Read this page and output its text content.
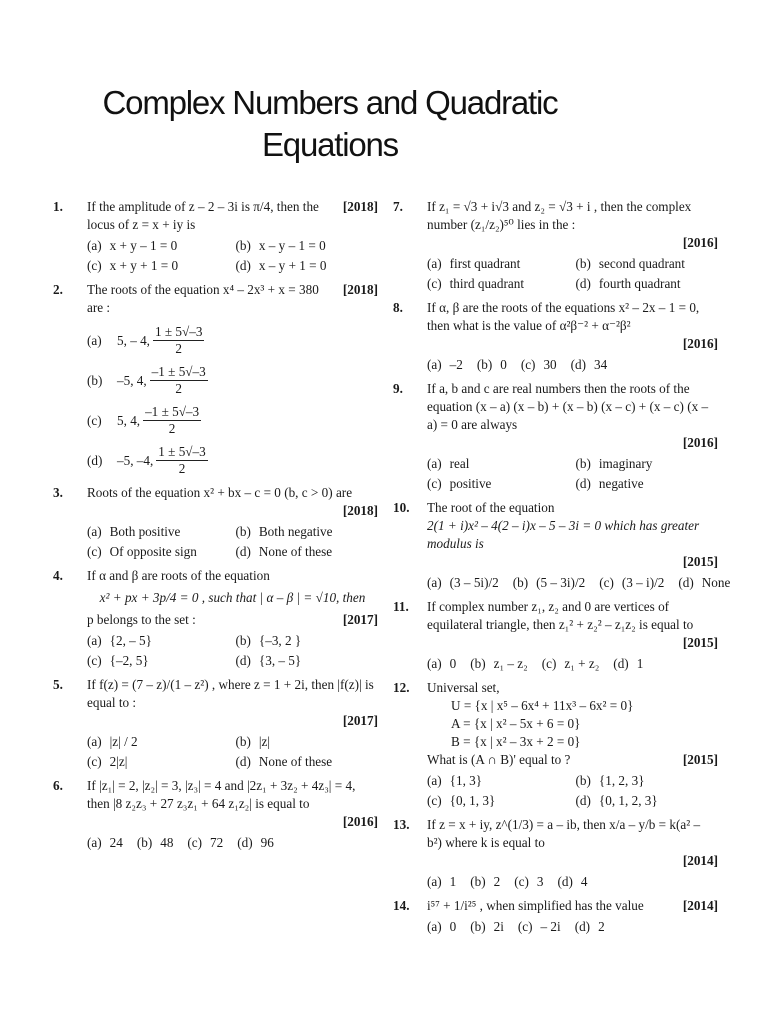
Complex Numbers and Quadratic
Equations
1. If the amplitude of z – 2 – 3i is π/4, then the locus of z = x + iy is
[2018]
(a) x + y – 1 = 0	(b) x – y – 1 = 0
(c) x + y + 1 = 0	(d) x – y + 1 = 0
2. The roots of the equation x⁴ – 2x³ + x = 380 are :
[2018]
(a)	5, – 4, $\frac{1 \pm 5√-3}{2}$
(b)	–5, 4, $\frac{-1 \pm 5√-3}{2}$
(c)	5, 4, $\frac{-1 \pm 5√-3}{2}$
(d)	–5, –4, $\frac{1 \pm 5√-3}{2}$
3. Roots of the equation x² + bx – c = 0 (b, c > 0) are
[2018]
(a) Both positive	(b) Both negative
(c) Of opposite sign	(d) None of these
4. If α and β are roots of the equation
x² + px + 3p/4 = 0 , such that | α – β | = √10, then
p belongs to the set :	[2017]
(a) {2, – 5}	(b) {–3, 2 }
(c) {–2, 5}	(d) {3, – 5}
5. If f(z) = (7 – z)/(1 – z²) , where z = 1 + 2i, then |f(z)| is equal to :
[2017]
(a) |z| / 2	(b) |z|
(c) 2|z|	(d) None of these
6. If |z₁| = 2, |z₂| = 3, |z₃| = 4 and |2z₁ + 3z₂ + 4z₃| = 4, then |8 z₂z₃ + 27 z₃z₁ + 64 z₁z₂| is equal to
[2016]
(a) 24 (b) 48 (c) 72 (d) 96
7. If z₁ = √3 + i√3 and z₂ = √3 + i , then the complex number (z₁/z₂)⁵⁰ lies in the :
[2016]
(a) first quadrant	(b) second quadrant
(c) third quadrant	(d) fourth quadrant
8. If α, β are the roots of the equations x² – 2x – 1 = 0, then what is the value of α²β⁻² + α⁻²β²
[2016]
(a) –2 (b) 0 (c) 30 (d) 34
9. If a, b and c are real numbers then the roots of the equation (x – a) (x – b) + (x – b) (x – c) + (x – c) (x –a) = 0 are always
[2016]
(a) real	(b) imaginary
(c) positive	(d) negative
10. The root of the equation
2(1 + i)x² – 4(2 – i)x – 5 – 3i = 0 which has greater modulus is
[2015]
(a) (3 – 5i)/2 (b) (5 – 3i)/2 (c) (3 – i)/2 (d) None
11. If complex number z₁, z₂ and 0 are vertices of equilateral triangle, then z₁² + z₂² – z₁z₂ is equal to
[2015]
(a) 0 (b) z₁ – z₂ (c) z₁ + z₂ (d) 1
12. Universal set,
U = {x | x⁵ – 6x⁴ + 11x³ – 6x² = 0}
A = {x | x² – 5x + 6 = 0}
B = {x | x² – 3x + 2 = 0}
What is (A ∩ B)' equal to ?	[2015]
(a) {1, 3}	(b) {1, 2, 3}
(c) {0, 1, 3}	(d) {0, 1, 2, 3}
13. If z = x + iy, z^(1/3) = a – ib, then x/a – y/b = k(a² – b²) where k is equal to
[2014]
(a) 1 (b) 2 (c) 3 (d) 4
14. i⁵⁷ + 1/i²⁵ , when simplified has the value	[2014]
(a) 0 (b) 2i (c) – 2i (d) 2
